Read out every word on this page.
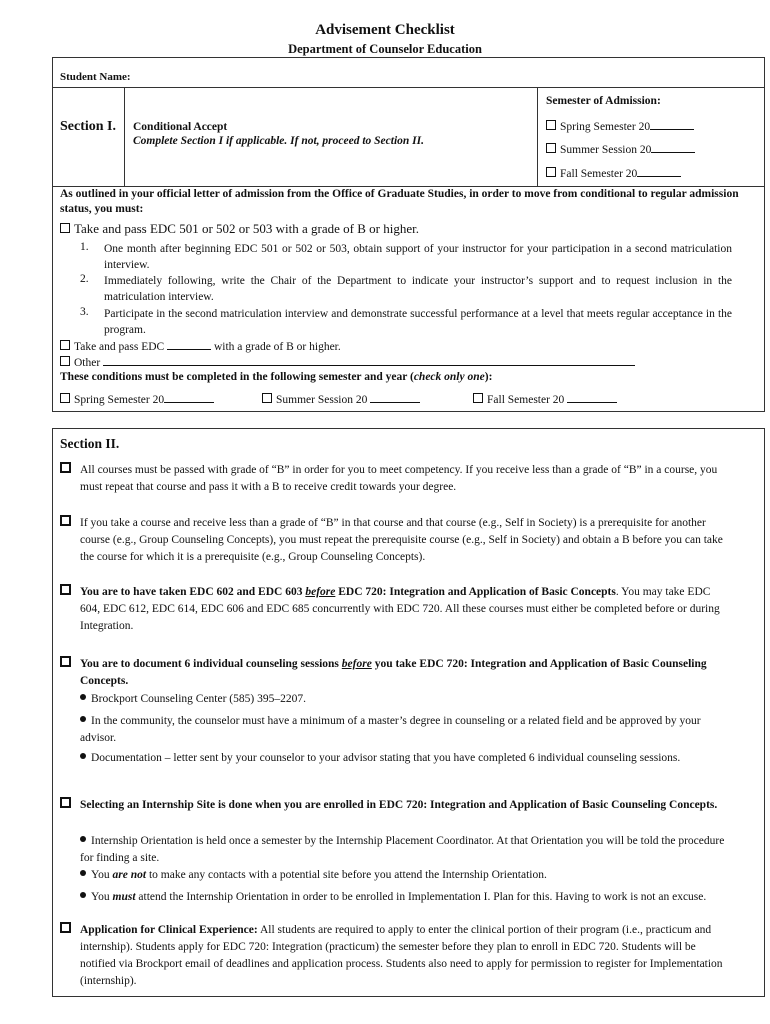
Advisement Checklist
Department of Counselor Education
Student Name:
Section I. Conditional Accept
Complete Section I if applicable. If not, proceed to Section II.
Semester of Admission:
Spring Semester 20
Summer Session 20
Fall Semester 20
As outlined in your official letter of admission from the Office of Graduate Studies, in order to move from conditional to regular admission status, you must:
Take and pass EDC 501 or 502 or 503 with a grade of B or higher.
1. One month after beginning EDC 501 or 502 or 503, obtain support of your instructor for your participation in a second matriculation interview.
2. Immediately following, write the Chair of the Department to indicate your instructor’s support and to request inclusion in the matriculation interview.
3. Participate in the second matriculation interview and demonstrate successful performance at a level that meets regular acceptance in the program.
Take and pass EDC	with a grade of B or higher.
Other
These conditions must be completed in the following semester and year (check only one):
Spring Semester 20	Summer Session 20	Fall Semester 20
Section II.
All courses must be passed with grade of “B” in order for you to meet competency. If you receive less than a grade of “B” in a course, you must repeat that course and pass it with a B to receive credit towards your degree.
If you take a course and receive less than a grade of “B” in that course and that course (e.g., Self in Society) is a prerequisite for another course (e.g., Group Counseling Concepts), you must repeat the prerequisite course (e.g., Self in Society) and obtain a B before you can take the course for which it is a prerequisite (e.g., Group Counseling Concepts).
You are to have taken EDC 602 and EDC 603 before EDC 720: Integration and Application of Basic Concepts. You may take EDC 604, EDC 612, EDC 614, EDC 606 and EDC 685 concurrently with EDC 720. All these courses must either be completed before or during Integration.
You are to document 6 individual counseling sessions before you take EDC 720: Integration and Application of Basic Counseling Concepts.
Brockport Counseling Center (585) 395–2207.
In the community, the counselor must have a minimum of a master’s degree in counseling or a related field and be approved by your advisor.
Documentation – letter sent by your counselor to your advisor stating that you have completed 6 individual counseling sessions.
Selecting an Internship Site is done when you are enrolled in EDC 720: Integration and Application of Basic Counseling Concepts.
Internship Orientation is held once a semester by the Internship Placement Coordinator. At that Orientation you will be told the procedure for finding a site.
You are not to make any contacts with a potential site before you attend the Internship Orientation.
You must attend the Internship Orientation in order to be enrolled in Implementation I. Plan for this. Having to work is not an excuse.
Application for Clinical Experience: All students are required to apply to enter the clinical portion of their program (i.e., practicum and internship). Students apply for EDC 720: Integration (practicum) the semester before they plan to enroll in EDC 720. Students will be notified via Brockport email of deadlines and application process. Students also need to apply for permission to register for Implementation (internship).
